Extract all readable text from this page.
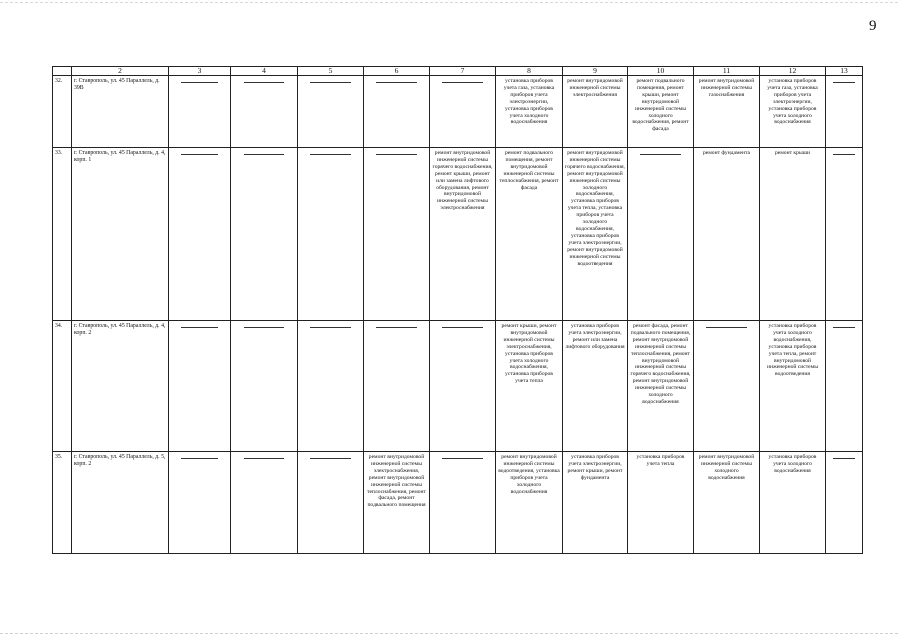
9
	2	3	4	5	6	7	8	9	10	11	12	13

32.	г. Ставрополь, ул. 45 Параллель, д. 39В						установка приборов учета газа, установка приборов учета электроэнергии, установка приборов учета холодного водоснабжения	ремонт внутридомовой инженерной системы электроснабжения	ремонт подвального помещения, ремонт крыши, ремонт внутридомовой инженерной системы холодного водоснабжения, ремонт фасада	ремонт внутридомовой инженерной системы газоснабжения	установка приборов учета газа, установка приборов учета электроэнергии, установка приборов учета холодного водоснабжения	

33.	г. Ставрополь, ул. 45 Параллель, д. 4, корп. 1					ремонт внутридомовой инженерной системы горячего водоснабжения, ремонт крыши, ремонт или замена лифтового оборудования, ремонт внутридомовой инженерной системы электроснабжения	ремонт подвального помещения, ремонт внутридомовой инженерной системы теплоснабжения, ремонт фасада	ремонт внутридомовой инженерной системы горячего водоснабжения, ремонт внутридомовой инженерной системы холодного водоснабжения, установка приборов учета тепла, установка приборов учета холодного водоснабжения, установка приборов учета электроэнергии, ремонт внутридомовой инженерной системы водоотведения		ремонт фундамента	ремонт крыши	

34.	г. Ставрополь, ул. 45 Параллель, д. 4, корп. 2						ремонт крыши, ремонт внутридомовой инженерной системы электроснабжения, установка приборов учета холодного водоснабжения, установка приборов учета тепла	установка приборов учета электроэнергии, ремонт или замена лифтового оборудования	ремонт фасада, ремонт подвального помещения, ремонт внутридомовой инженерной системы теплоснабжения, ремонт внутридомовой инженерной системы горячего водоснабжения, ремонт внутридомовой инженерной системы холодного водоснабжения		установка приборов учета холодного водоснабжения, установка приборов учета тепла, ремонт внутридомовой инженерной системы водоотведения	

35.	г. Ставрополь, ул. 45 Параллель, д. 5, корп. 2				ремонт внутридомовой инженерной системы электроснабжения, ремонт внутридомовой инженерной системы теплоснабжения, ремонт фасада, ремонт подвального помещения		ремонт внутридомовой инженерной системы водоотведения, установка приборов учета холодного водоснабжения	установка приборов учета электроэнергии, ремонт крыши, ремонт фундамента	установка приборов учета тепла	ремонт внутридомовой инженерной системы холодного водоснабжения	установка приборов учета холодного водоснабжения	
